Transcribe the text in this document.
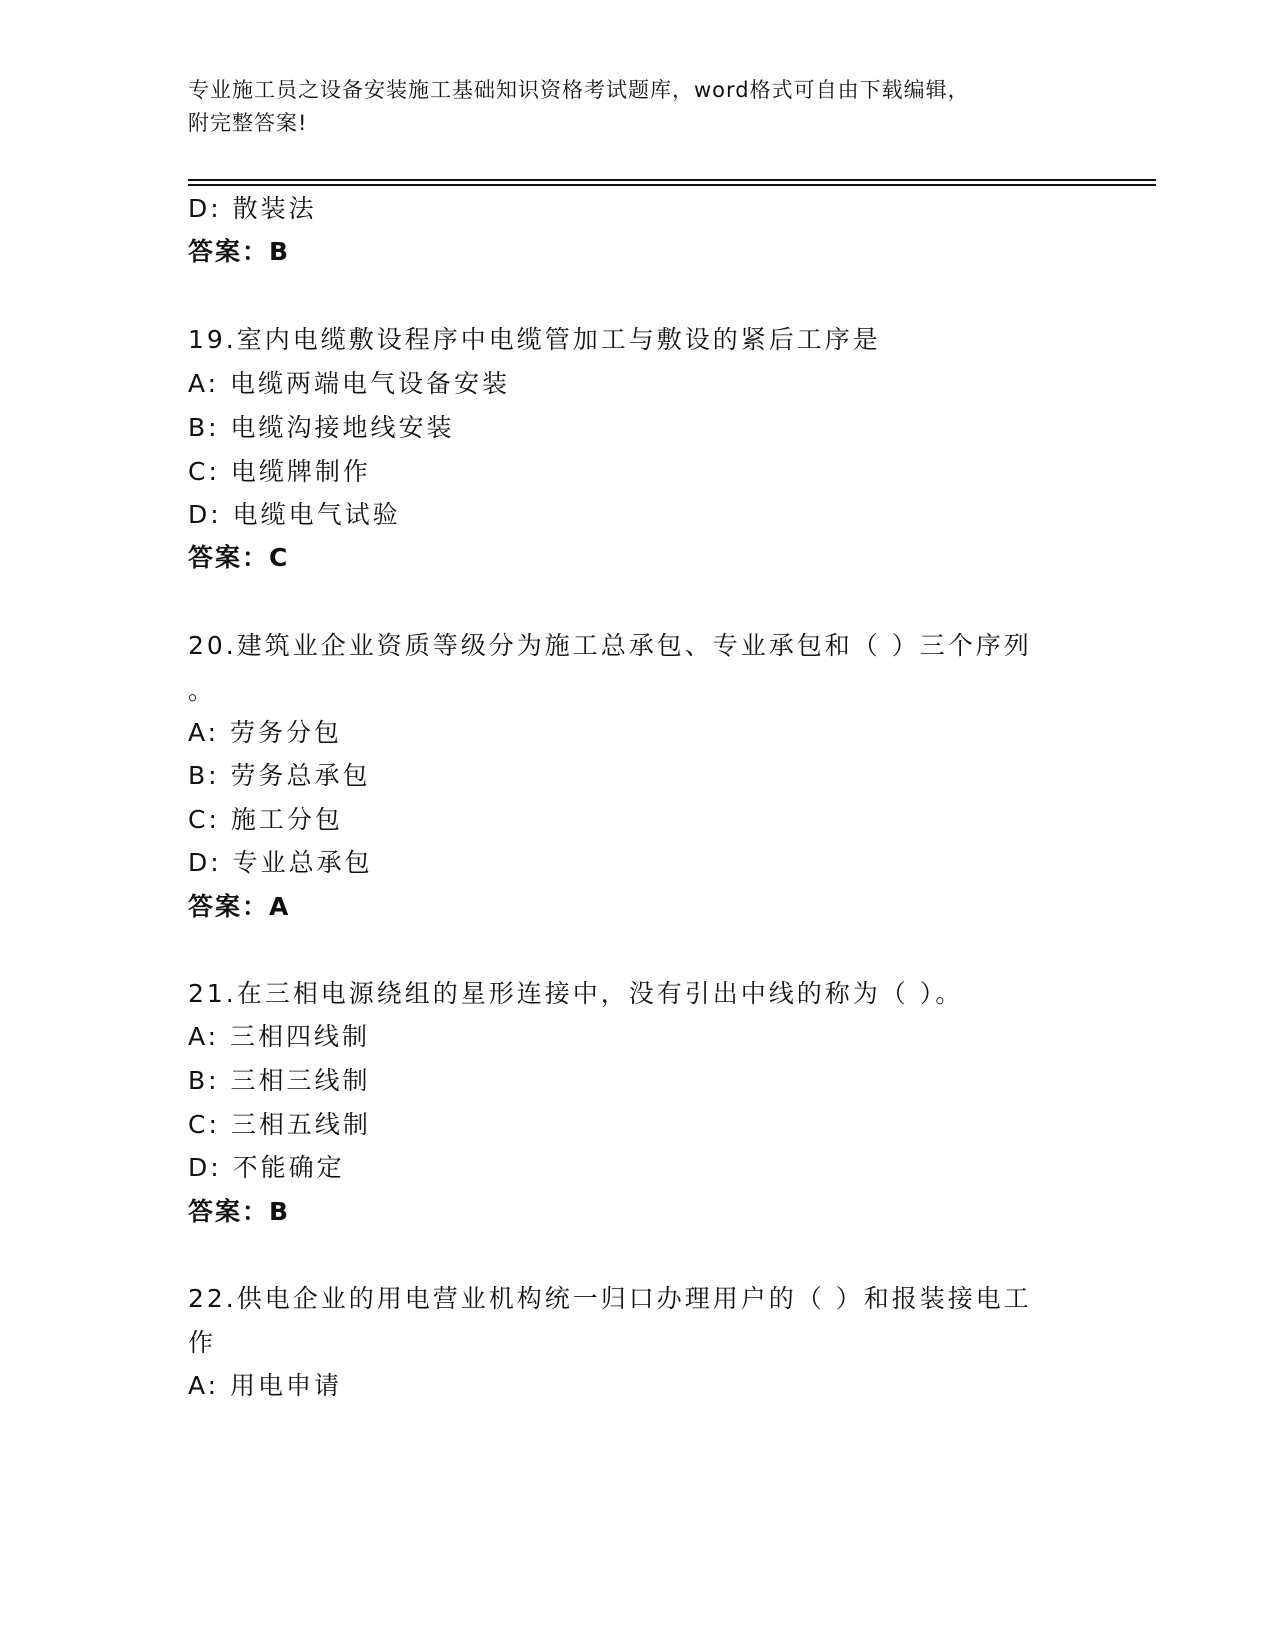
专业施工员之设备安装施工基础知识资格考试题库，word格式可自由下载编辑，
附完整答案!
D: 散装法
答案：B
19.室内电缆敷设程序中电缆管加工与敷设的紧后工序是
A: 电缆两端电气设备安装
B: 电缆沟接地线安装
C: 电缆牌制作
D: 电缆电气试验
答案：C
20.建筑业企业资质等级分为施工总承包、专业承包和（ ）三个序列
。
A: 劳务分包
B: 劳务总承包
C: 施工分包
D: 专业总承包
答案：A
21.在三相电源绕组的星形连接中，没有引出中线的称为（ ）。
A: 三相四线制
B: 三相三线制
C: 三相五线制
D: 不能确定
答案：B
22.供电企业的用电营业机构统一归口办理用户的（ ）和报装接电工
作
A: 用电申请
